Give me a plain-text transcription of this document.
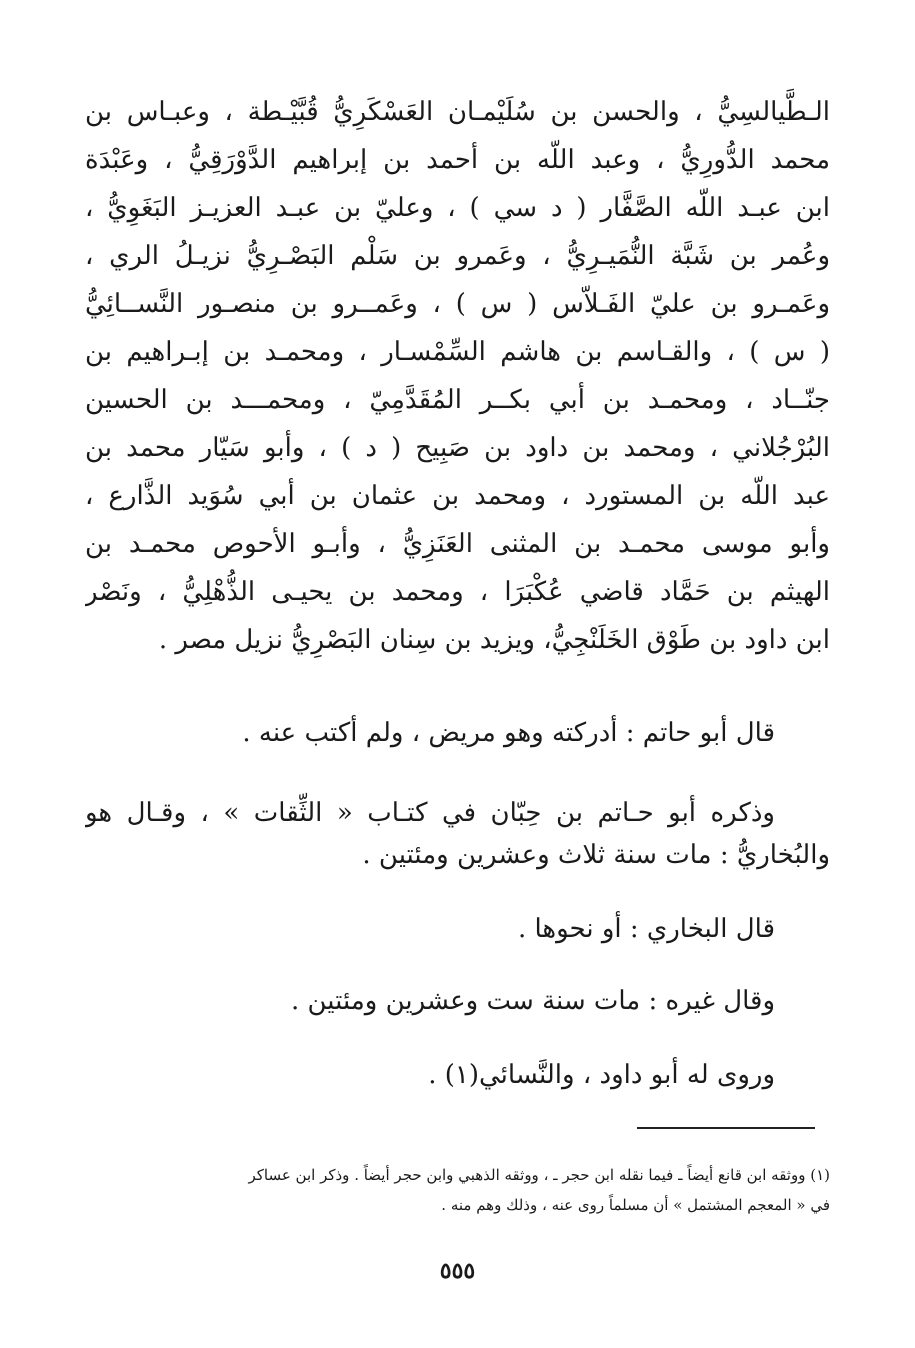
الـطَّيالسِيُّ ، والحسن بن سُلَيْمـان العَسْكَرِيُّ قُبَّيْـطة ، وعبـاس بن
محمد الدُّورِيُّ ، وعبد اللّه بن أحمد بن إبراهيم الدَّوْرَقِيُّ ، وعَبْدَة
ابن عبـد اللّه الصَّفَّار ( د سي ) ، وعليّ بن عبـد العزيـز البَغَوِيُّ ،
وعُمر بن شَبَّة النُّمَيـرِيُّ ، وعَمرو بن سَلْم البَصْـرِيُّ نزيـلُ الري ،
وعَمـرو بن عليّ الفَـلاّس ( س ) ، وعَمــرو بن منصـور النَّســائِيُّ
( س ) ، والقـاسم بن هاشم السِّمْسـار ، ومحمـد بن إبـراهيم بن
جنّــاد ، ومحمـد بن أبي بكــر المُقَدَّمِيّ ، ومحمـــد بن الحسين
البُرْجُلاني ، ومحمد بن داود بن صَبِيح ( د ) ، وأبو سَيّار محمد بن
عبد اللّه بن المستورد ، ومحمد بن عثمان بن أبي سُوَيد الذَّارع ،
وأبو موسى محمـد بن المثنى العَنَزِيُّ ، وأبـو الأحوص محمـد بن
الهيثم بن حَمَّاد قاضي عُكْبَرَا ، ومحمد بن يحيـى الذُّهْلِيُّ ، ونَصْر
ابن داود بن طَوْق الخَلَنْجِيُّ، ويزيد بن سِنان البَصْرِيُّ نزيل مصر .
قال أبو حاتم : أدركته وهو مريض ، ولم أكتب عنه .
وذكره أبو حـاتم بن حِبّان في كتـاب « الثِّقات » ، وقـال هو
والبُخاريُّ : مات سنة ثلاث وعشرين ومئتين .
قال البخاري : أو نحوها .
وقال غيره : مات سنة ست وعشرين ومئتين .
وروى له أبو داود ، والنَّسائي(١) .
(١) ووثقه ابن قانع أيضاً ـ فيما نقله ابن حجر ـ ، ووثقه الذهبي وابن حجر أيضاً . وذكر ابن عساكر
في « المعجم المشتمل » أن مسلماً روى عنه ، وذلك وهم منه .
٥٥٥
